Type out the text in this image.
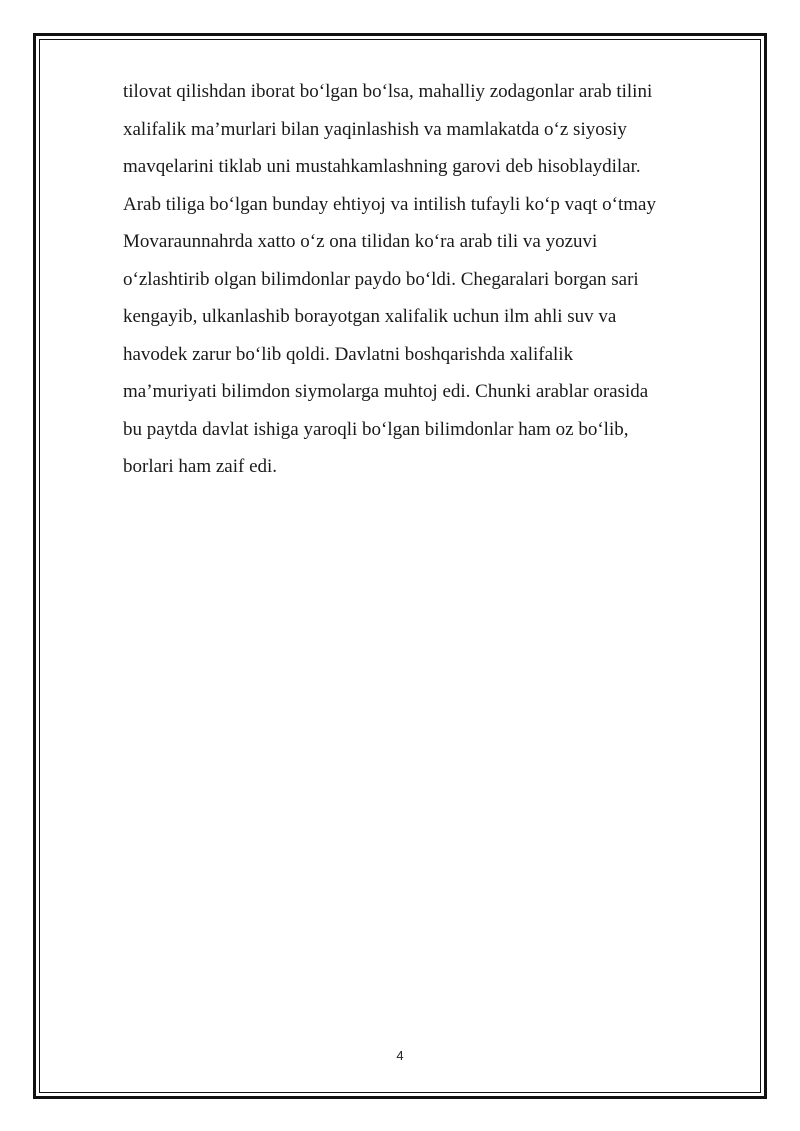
tilovat qilishdan iborat bo‘lgan bo‘lsa, mahalliy zodagonlar arab tilini
xalifalik ma’murlari bilan yaqinlashish va mamlakatda o‘z siyosiy
mavqelarini tiklab uni mustahkamlashning garovi deb hisoblaydilar.
Arab tiliga bo‘lgan bunday ehtiyoj va intilish tufayli ko‘p vaqt o‘tmay
Movaraunnahrda xatto o‘z ona tilidan ko‘ra arab tili va yozuvi
o‘zlashtirib olgan bilimdonlar paydo bo‘ldi. Chegaralari borgan sari
kengayib, ulkanlashib borayotgan xalifalik uchun ilm ahli suv va
havodek zarur bo‘lib qoldi. Davlatni boshqarishda xalifalik
ma’muriyati bilimdon siymolarga muhtoj edi. Chunki arablar orasida
bu paytda davlat ishiga yaroqli bo‘lgan bilimdonlar ham oz bo‘lib,
borlari ham zaif edi.

4
